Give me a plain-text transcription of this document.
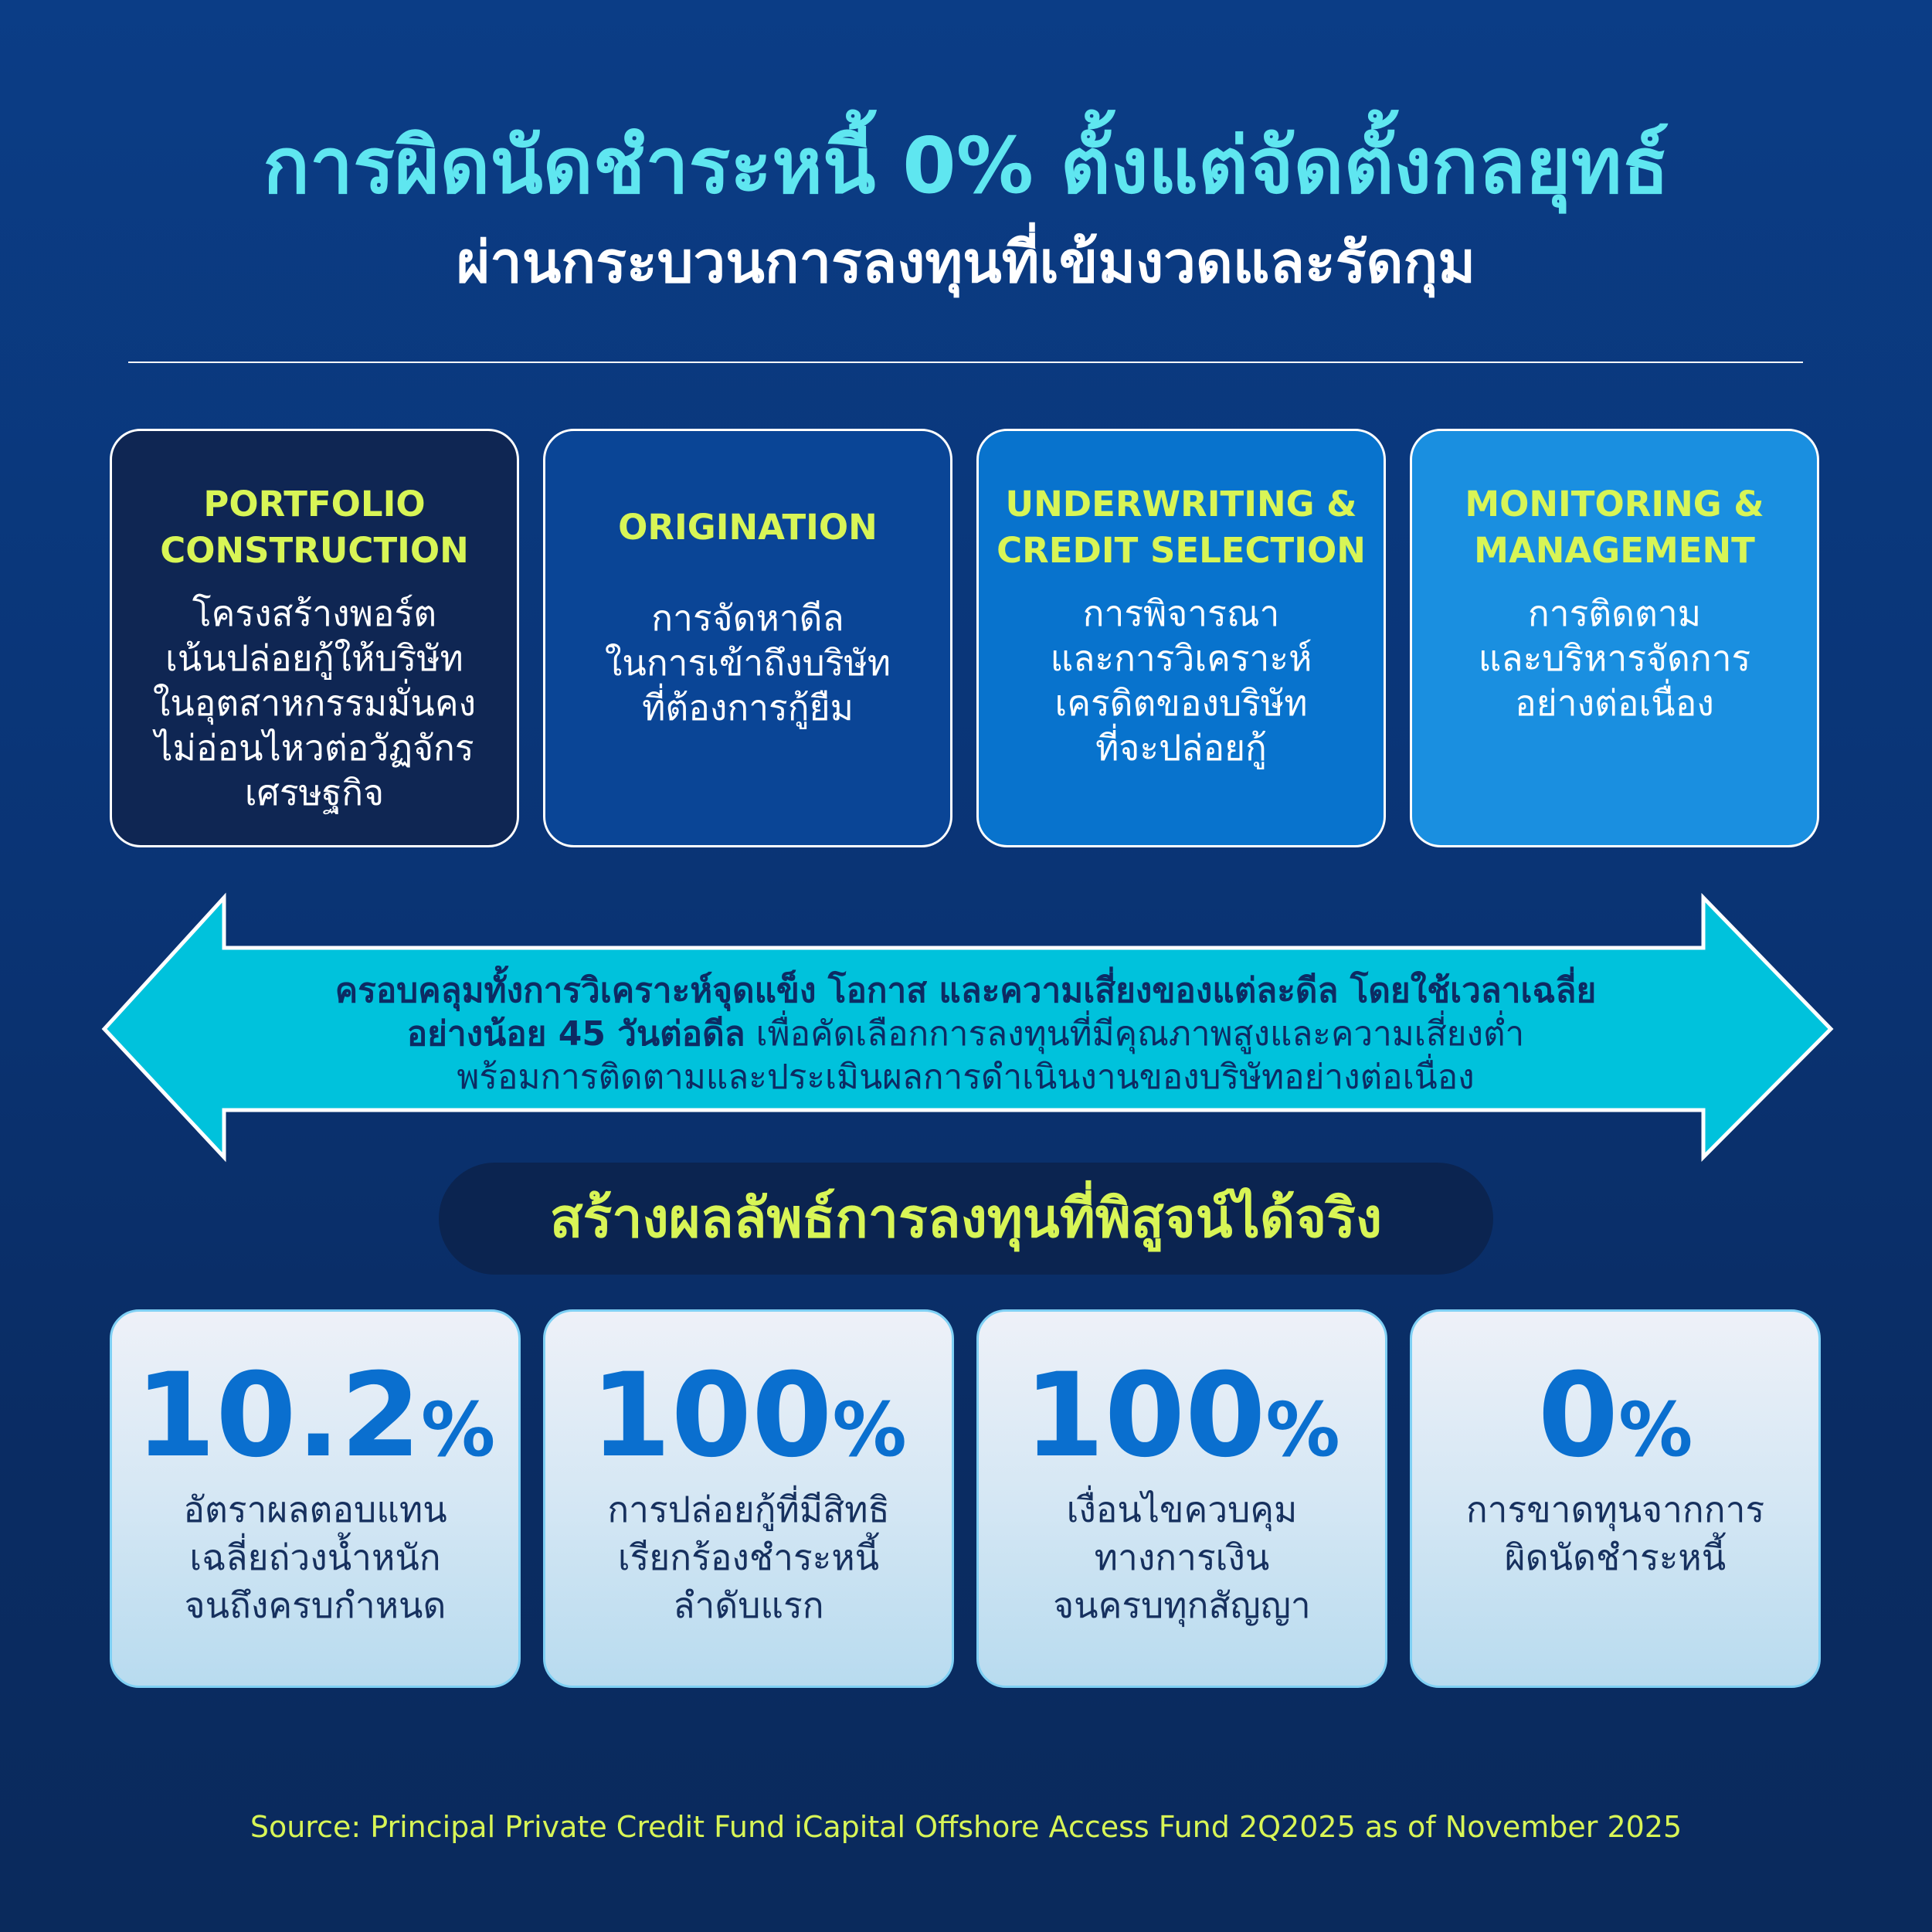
การผิดนัดชำระหนี้ 0% ตั้งแต่จัดตั้งกลยุทธ์
ผ่านกระบวนการลงทุนที่เข้มงวดและรัดกุม
PORTFOLIO
CONSTRUCTION
โครงสร้างพอร์ต
เน้นปล่อยกู้ให้บริษัท
ในอุตสาหกรรมมั่นคง
ไม่อ่อนไหวต่อวัฏจักร
เศรษฐกิจ
ORIGINATION
การจัดหาดีล
ในการเข้าถึงบริษัท
ที่ต้องการกู้ยืม
UNDERWRITING &
CREDIT SELECTION
การพิจารณา
และการวิเคราะห์
เครดิตของบริษัท
ที่จะปล่อยกู้
MONITORING &
MANAGEMENT
การติดตาม
และบริหารจัดการ
อย่างต่อเนื่อง
ครอบคลุมทั้งการวิเคราะห์จุดแข็ง โอกาส และความเสี่ยงของแต่ละดีล โดยใช้เวลาเฉลี่ย
อย่างน้อย 45 วันต่อดีล เพื่อคัดเลือกการลงทุนที่มีคุณภาพสูงและความเสี่ยงต่ำ
พร้อมการติดตามและประเมินผลการดำเนินงานของบริษัทอย่างต่อเนื่อง
สร้างผลลัพธ์การลงทุนที่พิสูจน์ได้จริง
10.2%
อัตราผลตอบแทน
เฉลี่ยถ่วงน้ำหนัก
จนถึงครบกำหนด
100%
การปล่อยกู้ที่มีสิทธิ
เรียกร้องชำระหนี้
ลำดับแรก
100%
เงื่อนไขควบคุม
ทางการเงิน
จนครบทุกสัญญา
0%
การขาดทุนจากการ
ผิดนัดชำระหนี้
Source: Principal Private Credit Fund iCapital Offshore Access Fund 2Q2025 as of November 2025
